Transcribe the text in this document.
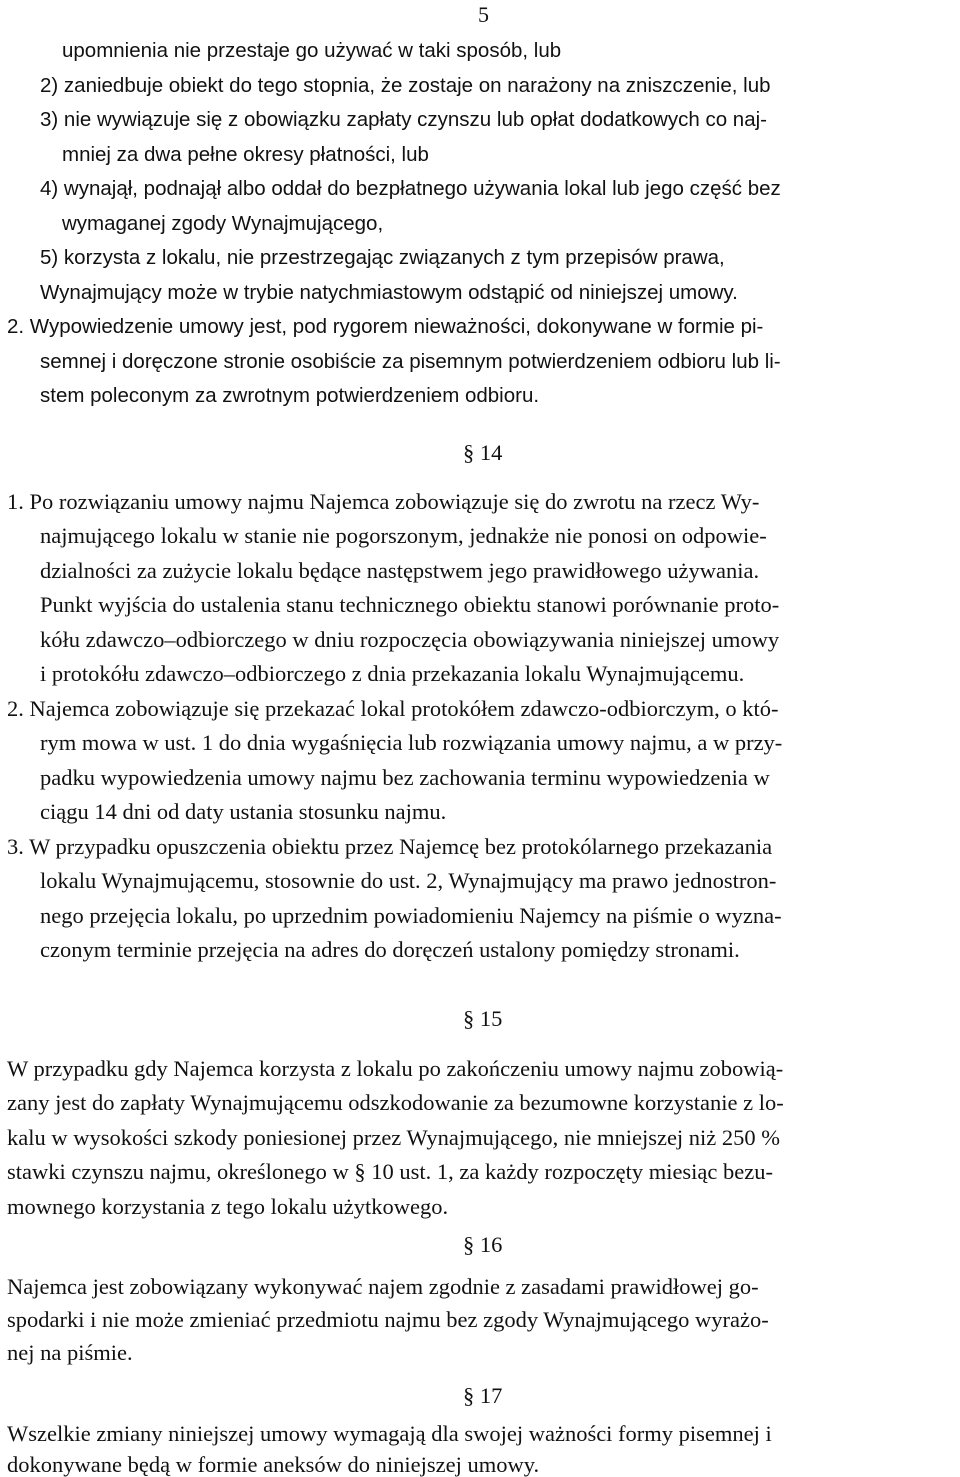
5
upomnienia nie przestaje go używać w taki sposób, lub
2) zaniedbuje obiekt do tego stopnia, że zostaje on narażony na zniszczenie, lub
3) nie wywiązuje się z obowiązku zapłaty czynszu lub opłat dodatkowych co naj-
mniej za dwa pełne okresy płatności, lub
4) wynajął, podnajął albo oddał do bezpłatnego używania lokal lub jego część bez
wymaganej zgody Wynajmującego,
5) korzysta z lokalu, nie przestrzegając związanych z tym przepisów prawa,
Wynajmujący może w trybie natychmiastowym odstąpić od niniejszej umowy.
2. Wypowiedzenie umowy jest, pod rygorem nieważności, dokonywane w formie pi-
semnej i doręczone stronie osobiście za pisemnym potwierdzeniem odbioru lub li-
stem poleconym za zwrotnym potwierdzeniem odbioru.
§ 14
1. Po rozwiązaniu umowy najmu Najemca zobowiązuje się do zwrotu na rzecz Wy-
najmującego lokalu w stanie nie pogorszonym, jednakże nie ponosi on odpowie-
dzialności za zużycie lokalu będące następstwem jego prawidłowego używania.
Punkt wyjścia do ustalenia stanu technicznego obiektu stanowi porównanie proto-
kółu zdawczo–odbiorczego w dniu rozpoczęcia obowiązywania niniejszej umowy
i protokółu zdawczo–odbiorczego z dnia przekazania lokalu Wynajmującemu.
2. Najemca zobowiązuje się przekazać lokal protokółem zdawczo-odbiorczym, o któ-
rym mowa w ust. 1 do dnia wygaśnięcia lub rozwiązania umowy najmu, a w przy-
padku wypowiedzenia umowy najmu bez zachowania terminu wypowiedzenia w
ciągu 14 dni od daty ustania stosunku najmu.
3. W przypadku opuszczenia obiektu przez Najemcę bez protokólarnego przekazania
lokalu Wynajmującemu, stosownie do ust. 2, Wynajmujący ma prawo jednostron-
nego przejęcia lokalu, po uprzednim powiadomieniu Najemcy na piśmie o wyzna-
czonym terminie przejęcia na adres do doręczeń ustalony pomiędzy stronami.
§ 15
W przypadku gdy Najemca korzysta z lokalu po zakończeniu umowy najmu zobowią-
zany jest do zapłaty Wynajmującemu odszkodowanie za bezumowne korzystanie z lo-
kalu w wysokości szkody poniesionej przez Wynajmującego, nie mniejszej niż 250 %
stawki czynszu najmu, określonego w § 10 ust. 1, za każdy rozpoczęty miesiąc bezu-
mownego korzystania z tego lokalu użytkowego.
§ 16
Najemca jest zobowiązany wykonywać najem zgodnie z zasadami prawidłowej go-
spodarki i nie może zmieniać przedmiotu najmu bez zgody Wynajmującego wyrażo-
nej na piśmie.
§ 17
Wszelkie zmiany niniejszej umowy wymagają dla swojej ważności formy pisemnej i
dokonywane będą w formie aneksów do niniejszej umowy.
